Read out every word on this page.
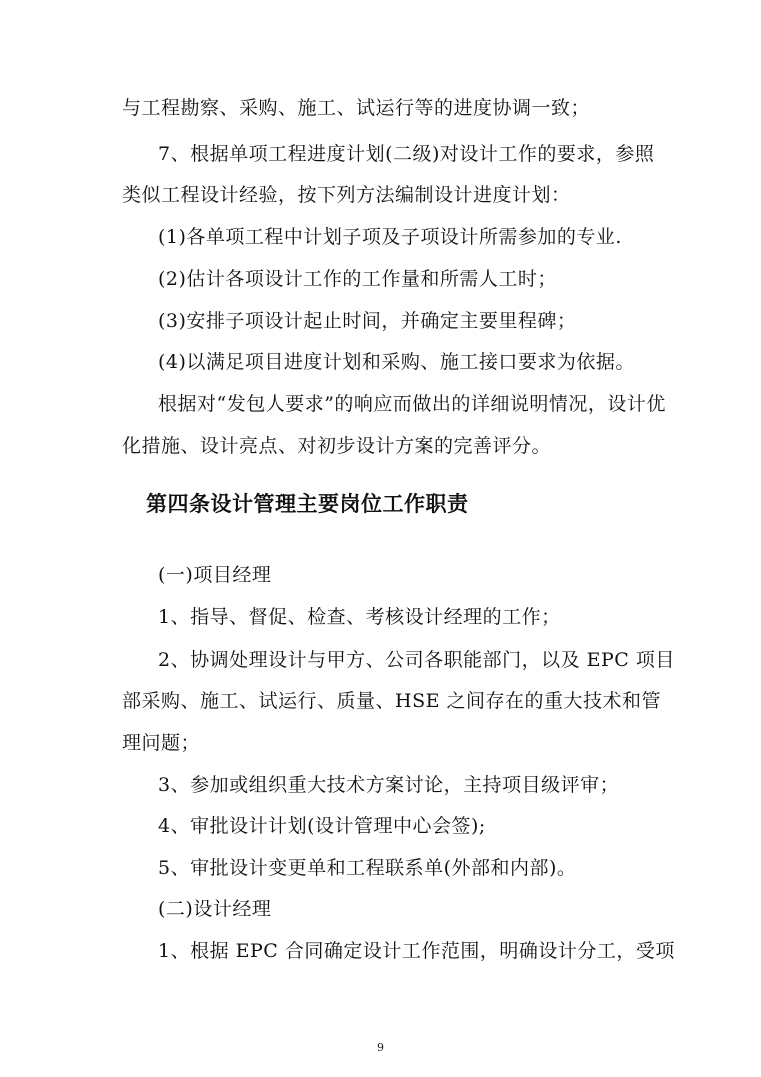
与工程勘察、采购、施工、试运行等的进度协调一致；
7、根据单项工程进度计划(二级)对设计工作的要求，参照
类似工程设计经验，按下列方法编制设计进度计划：
(1)各单项工程中计划子项及子项设计所需参加的专业.
(2)估计各项设计工作的工作量和所需人工时；
(3)安排子项设计起止时间，并确定主要里程碑；
(4)以满足项目进度计划和采购、施工接口要求为依据。
根据对“发包人要求”的响应而做出的详细说明情况，设计优
化措施、设计亮点、对初步设计方案的完善评分。
第四条设计管理主要岗位工作职责
(一)项目经理
1、指导、督促、检查、考核设计经理的工作；
2、协调处理设计与甲方、公司各职能部门，以及 EPC 项目
部采购、施工、试运行、质量、HSE 之间存在的重大技术和管
理问题；
3、参加或组织重大技术方案讨论，主持项目级评审；
4、审批设计计划(设计管理中心会签);
5、审批设计变更单和工程联系单(外部和内部)。
(二)设计经理
1、根据 EPC 合同确定设计工作范围，明确设计分工，受项
9
